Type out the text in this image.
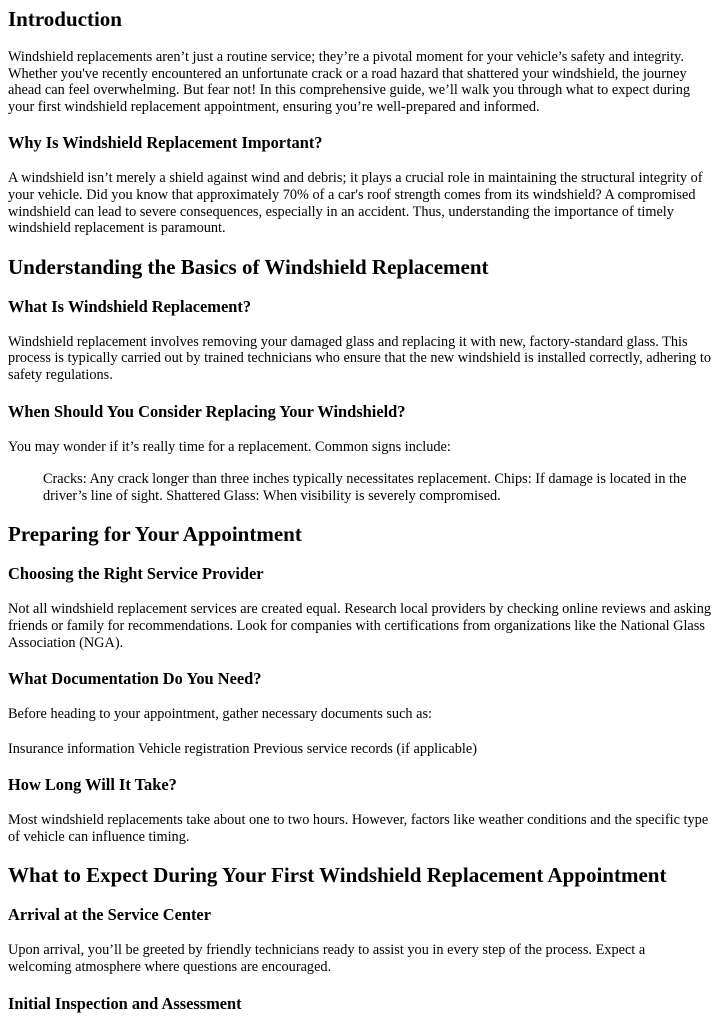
Introduction

Windshield replacements aren’t just a routine service; they’re a pivotal moment for your vehicle’s safety and integrity. Whether you've recently encountered an unfortunate crack or a road hazard that shattered your windshield, the journey ahead can feel overwhelming. But fear not! In this comprehensive guide, we’ll walk you through what to expect during your first windshield replacement appointment, ensuring you’re well-prepared and informed.

Why Is Windshield Replacement Important?

A windshield isn’t merely a shield against wind and debris; it plays a crucial role in maintaining the structural integrity of your vehicle. Did you know that approximately 70% of a car's roof strength comes from its windshield? A compromised windshield can lead to severe consequences, especially in an accident. Thus, understanding the importance of timely windshield replacement is paramount.

Understanding the Basics of Windshield Replacement
What Is Windshield Replacement?

Windshield replacement involves removing your damaged glass and replacing it with new, factory-standard glass. This process is typically carried out by trained technicians who ensure that the new windshield is installed correctly, adhering to safety regulations.

When Should You Consider Replacing Your Windshield?

You may wonder if it’s really time for a replacement. Common signs include:

Cracks: Any crack longer than three inches typically necessitates replacement. Chips: If damage is located in the driver’s line of sight. Shattered Glass: When visibility is severely compromised.
Preparing for Your Appointment
Choosing the Right Service Provider

Not all windshield replacement services are created equal. Research local providers by checking online reviews and asking friends or family for recommendations. Look for companies with certifications from organizations like the National Glass Association (NGA).

What Documentation Do You Need?

Before heading to your appointment, gather necessary documents such as:

Insurance information Vehicle registration Previous service records (if applicable)

How Long Will It Take?

Most windshield replacements take about one to two hours. However, factors like weather conditions and the specific type of vehicle can influence timing.

What to Expect During Your First Windshield Replacement Appointment
Arrival at the Service Center

Upon arrival, you’ll be greeted by friendly technicians ready to assist you in every step of the process. Expect a welcoming atmosphere where questions are encouraged.

Initial Inspection and Assessment
